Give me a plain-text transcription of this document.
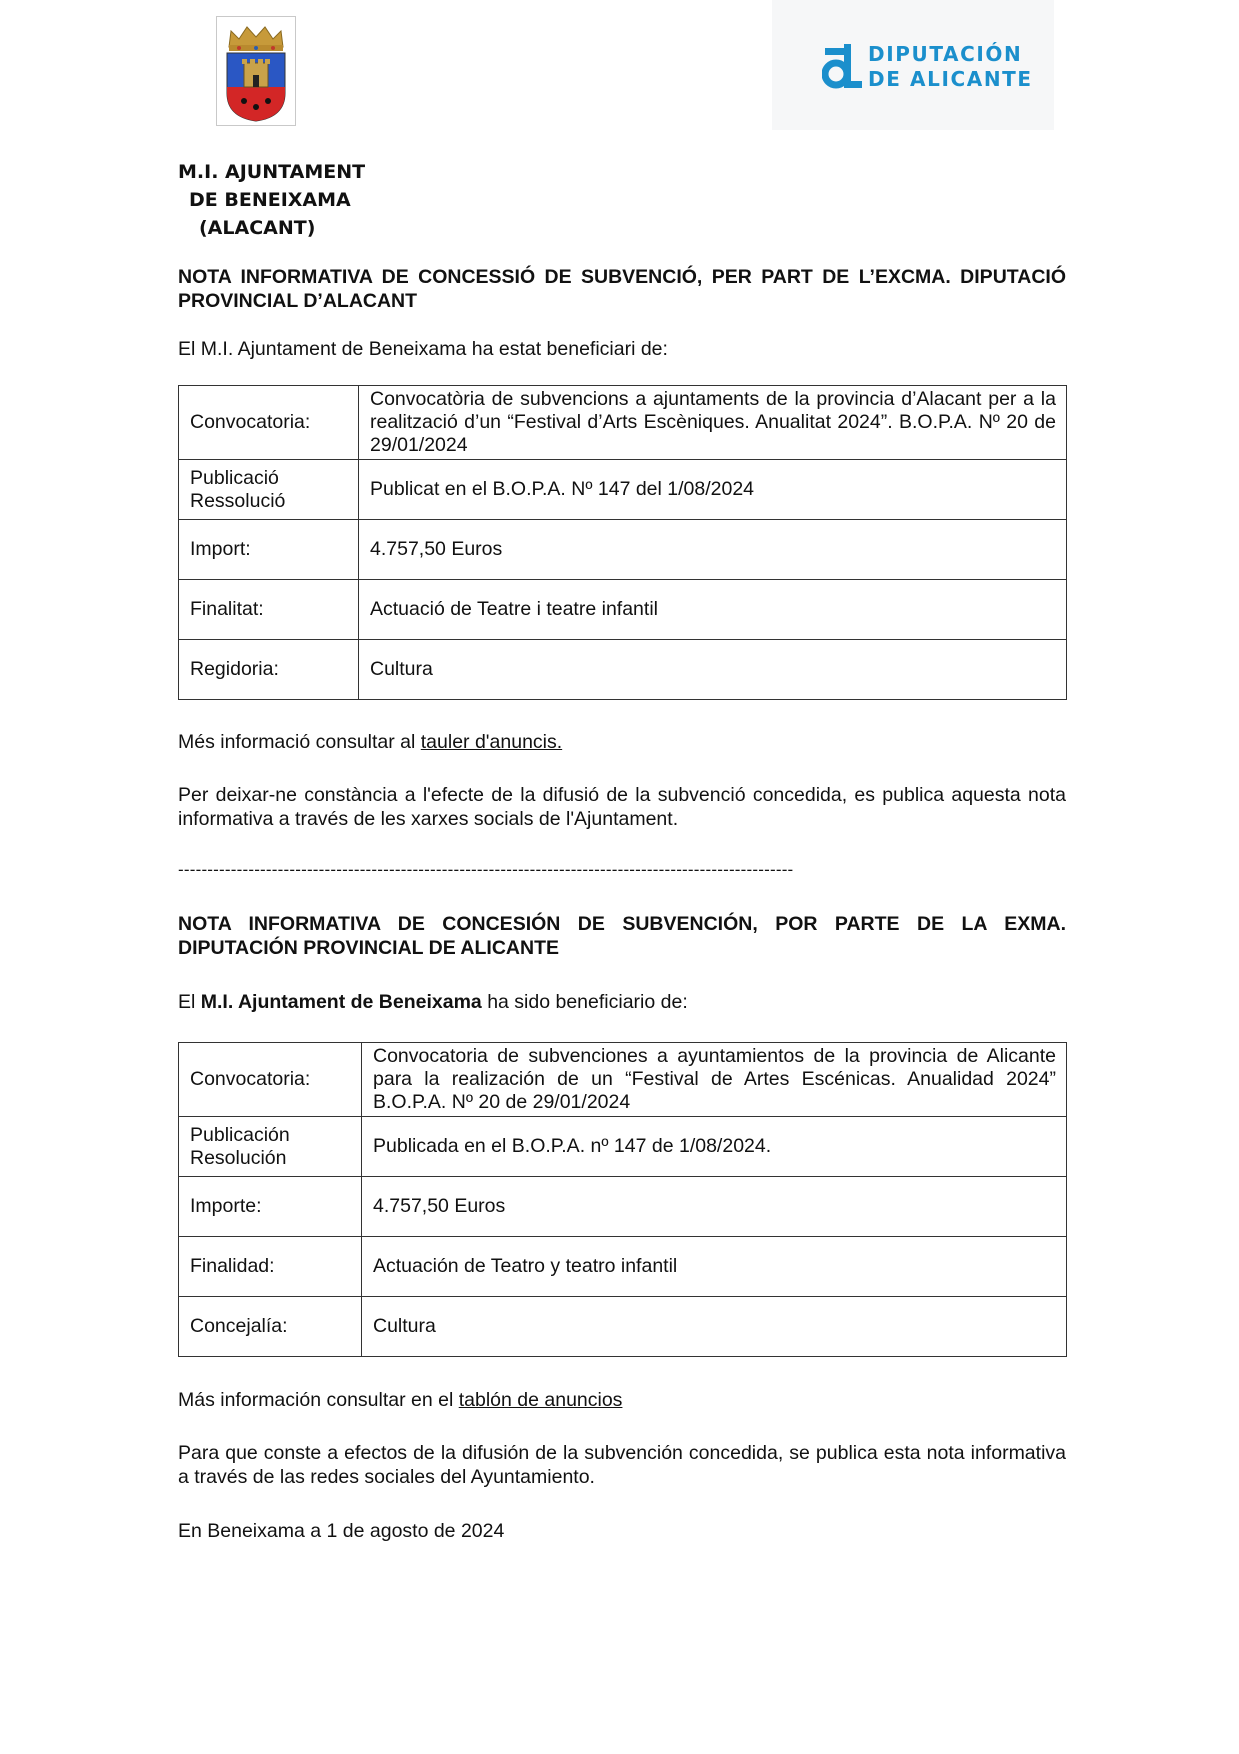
DIPUTACIÓN
DE ALICANTE
M.I. AJUNTAMENT
DE BENEIXAMA
(ALACANT)
NOTA INFORMATIVA DE CONCESSIÓ DE SUBVENCIÓ, PER PART DE L’EXCMA. DIPUTACIÓ PROVINCIAL D’ALACANT
El M.I. Ajuntament de Beneixama ha estat beneficiari de:
Convocatoria:	Convocatòria de subvencions a ajuntaments de la provincia d’Alacant per a la realització d’un “Festival d’Arts Escèniques. Anualitat 2024”. B.O.P.A. Nº 20 de 29/01/2024
Publicació Ressolució	Publicat en el B.O.P.A. Nº 147 del 1/08/2024
Import:	4.757,50 Euros
Finalitat:	Actuació de Teatre i teatre infantil
Regidoria:	Cultura
Més informació consultar al tauler d'anuncis.
Per deixar-ne constància a l'efecte de la difusió de la subvenció concedida, es publica aquesta nota informativa a través de les xarxes socials de l'Ajuntament.
---------------------------------------------------------------------------------------------------------
NOTA INFORMATIVA DE CONCESIÓN DE SUBVENCIÓN, POR PARTE DE LA EXMA. DIPUTACIÓN PROVINCIAL DE ALICANTE
El M.I. Ajuntament de Beneixama ha sido beneficiario de:
Convocatoria:	Convocatoria de subvenciones a ayuntamientos de la provincia de Alicante para la realización de un “Festival de Artes Escénicas. Anualidad 2024” B.O.P.A. Nº 20 de 29/01/2024
Publicación Resolución	Publicada en el B.O.P.A. nº 147 de 1/08/2024.
Importe:	4.757,50 Euros
Finalidad:	Actuación de Teatro y teatro infantil
Concejalía:	Cultura
Más información consultar en el tablón de anuncios
Para que conste a efectos de la difusión de la subvención concedida, se publica esta nota informativa a través de las redes sociales del Ayuntamiento.
En Beneixama a 1 de agosto de 2024
